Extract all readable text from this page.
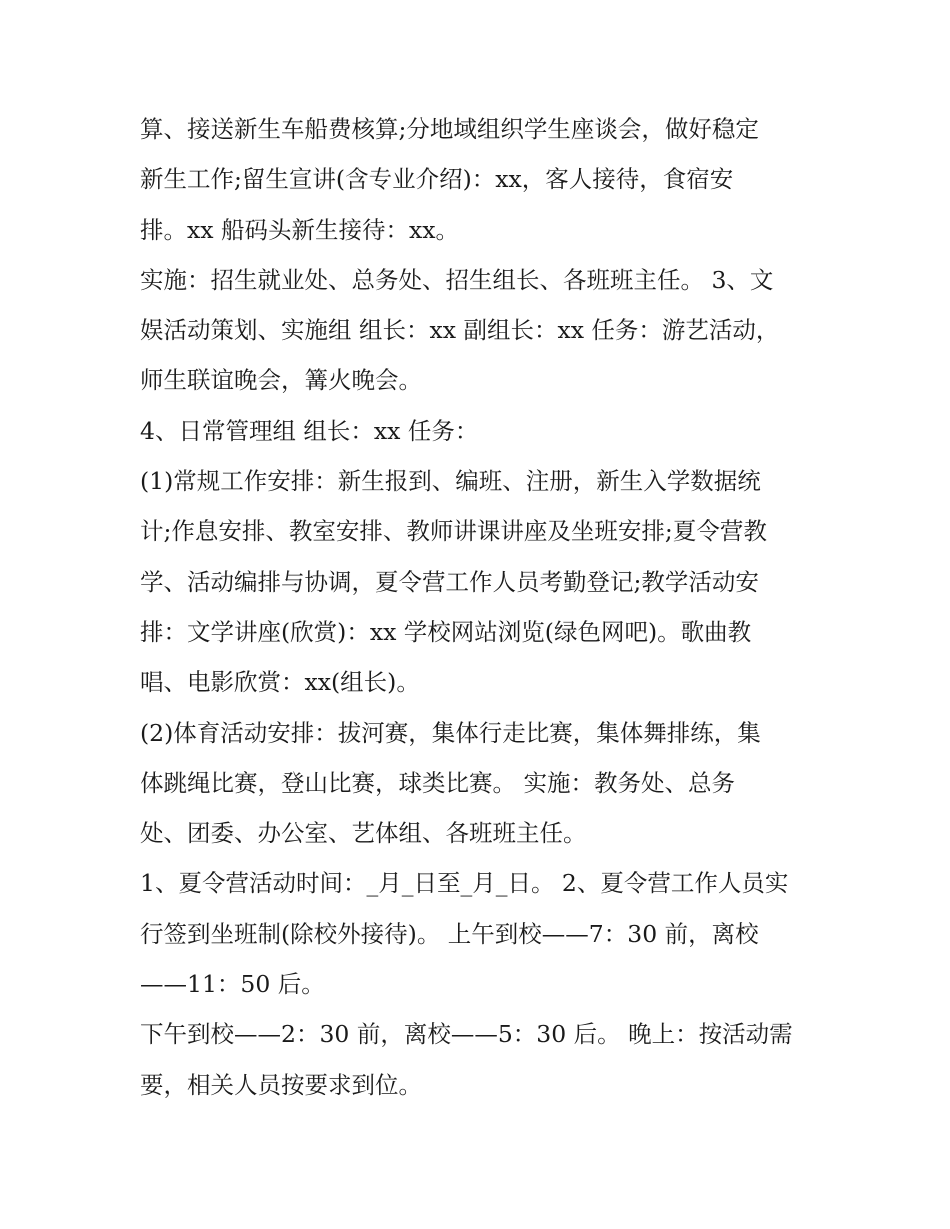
算、接送新生车船费核算;分地域组织学生座谈会，做好稳定
新生工作;留生宣讲(含专业介绍)：xx，客人接待，食宿安
排。xx 船码头新生接待：xx。
实施：招生就业处、总务处、招生组长、各班班主任。 3、文
娱活动策划、实施组 组长：xx 副组长：xx 任务：游艺活动，
师生联谊晚会，篝火晚会。
4、日常管理组 组长：xx 任务：
(1)常规工作安排：新生报到、编班、注册，新生入学数据统
计;作息安排、教室安排、教师讲课讲座及坐班安排;夏令营教
学、活动编排与协调，夏令营工作人员考勤登记;教学活动安
排：文学讲座(欣赏)：xx 学校网站浏览(绿色网吧)。歌曲教
唱、电影欣赏：xx(组长)。
(2)体育活动安排：拔河赛，集体行走比赛，集体舞排练，集
体跳绳比赛，登山比赛，球类比赛。 实施：教务处、总务
处、团委、办公室、艺体组、各班班主任。
1、夏令营活动时间：_月_日至_月_日。 2、夏令营工作人员实
行签到坐班制(除校外接待)。 上午到校——7：30 前，离校
——11：50 后。
下午到校——2：30 前，离校——5：30 后。 晚上：按活动需
要，相关人员按要求到位。
